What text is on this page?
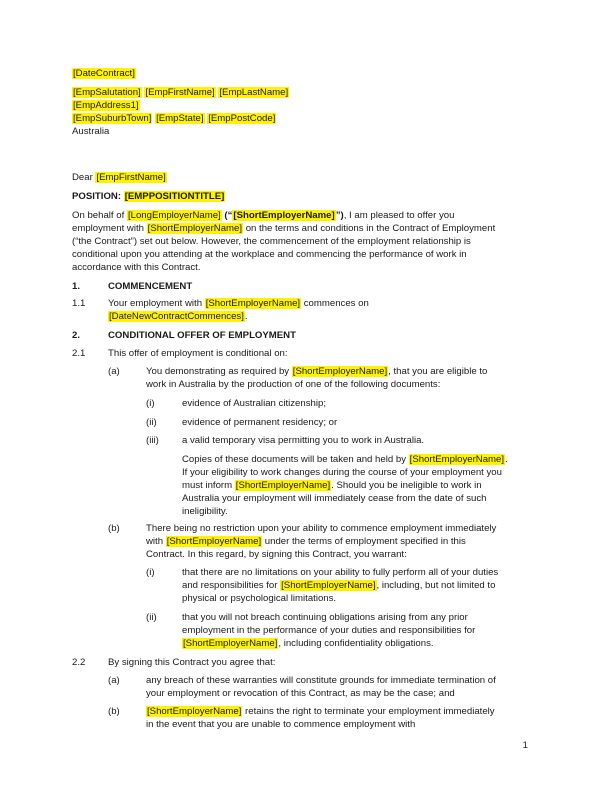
[DateContract]
[EmpSalutation] [EmpFirstName] [EmpLastName]
[EmpAddress1]
[EmpSuburbTown] [EmpState] [EmpPostCode]
Australia
Dear [EmpFirstName]
POSITION: [EMPPOSITIONTITLE]
On behalf of [LongEmployerName] (“[ShortEmployerName]”), I am pleased to offer you
employment with [ShortEmployerName] on the terms and conditions in the Contract of Employment
(“the Contract”) set out below. However, the commencement of the employment relationship is
conditional upon you attending at the workplace and commencing the performance of work in
accordance with this Contract.
1.	COMMENCEMENT
1.1 Your employment with [ShortEmployerName] commences on
[DateNewContractCommences].
2.	CONDITIONAL OFFER OF EMPLOYMENT
2.1 This offer of employment is conditional on:
(a)	You demonstrating as required by [ShortEmployerName], that you are eligible to
work in Australia by the production of one of the following documents:
(i)	evidence of Australian citizenship;
(ii)	evidence of permanent residency; or
(iii) a valid temporary visa permitting you to work in Australia.
Copies of these documents will be taken and held by [ShortEmployerName].
If your eligibility to work changes during the course of your employment you
must inform [ShortEmployerName]. Should you be ineligible to work in
Australia your employment will immediately cease from the date of such
ineligibility.
(b)	There being no restriction upon your ability to commence employment immediately
with [ShortEmployerName] under the terms of employment specified in this
Contract. In this regard, by signing this Contract, you warrant:
(i)	that there are no limitations on your ability to fully perform all of your duties
and responsibilities for [ShortEmployerName], including, but not limited to
physical or psychological limitations.
(ii)	that you will not breach continuing obligations arising from any prior
employment in the performance of your duties and responsibilities for
[ShortEmployerName], including confidentiality obligations.
2.2 By signing this Contract you agree that:
(a)	any breach of these warranties will constitute grounds for immediate termination of
your employment or revocation of this Contract, as may be the case; and
(b)	[ShortEmployerName] retains the right to terminate your employment immediately
in the event that you are unable to commence employment with
1
